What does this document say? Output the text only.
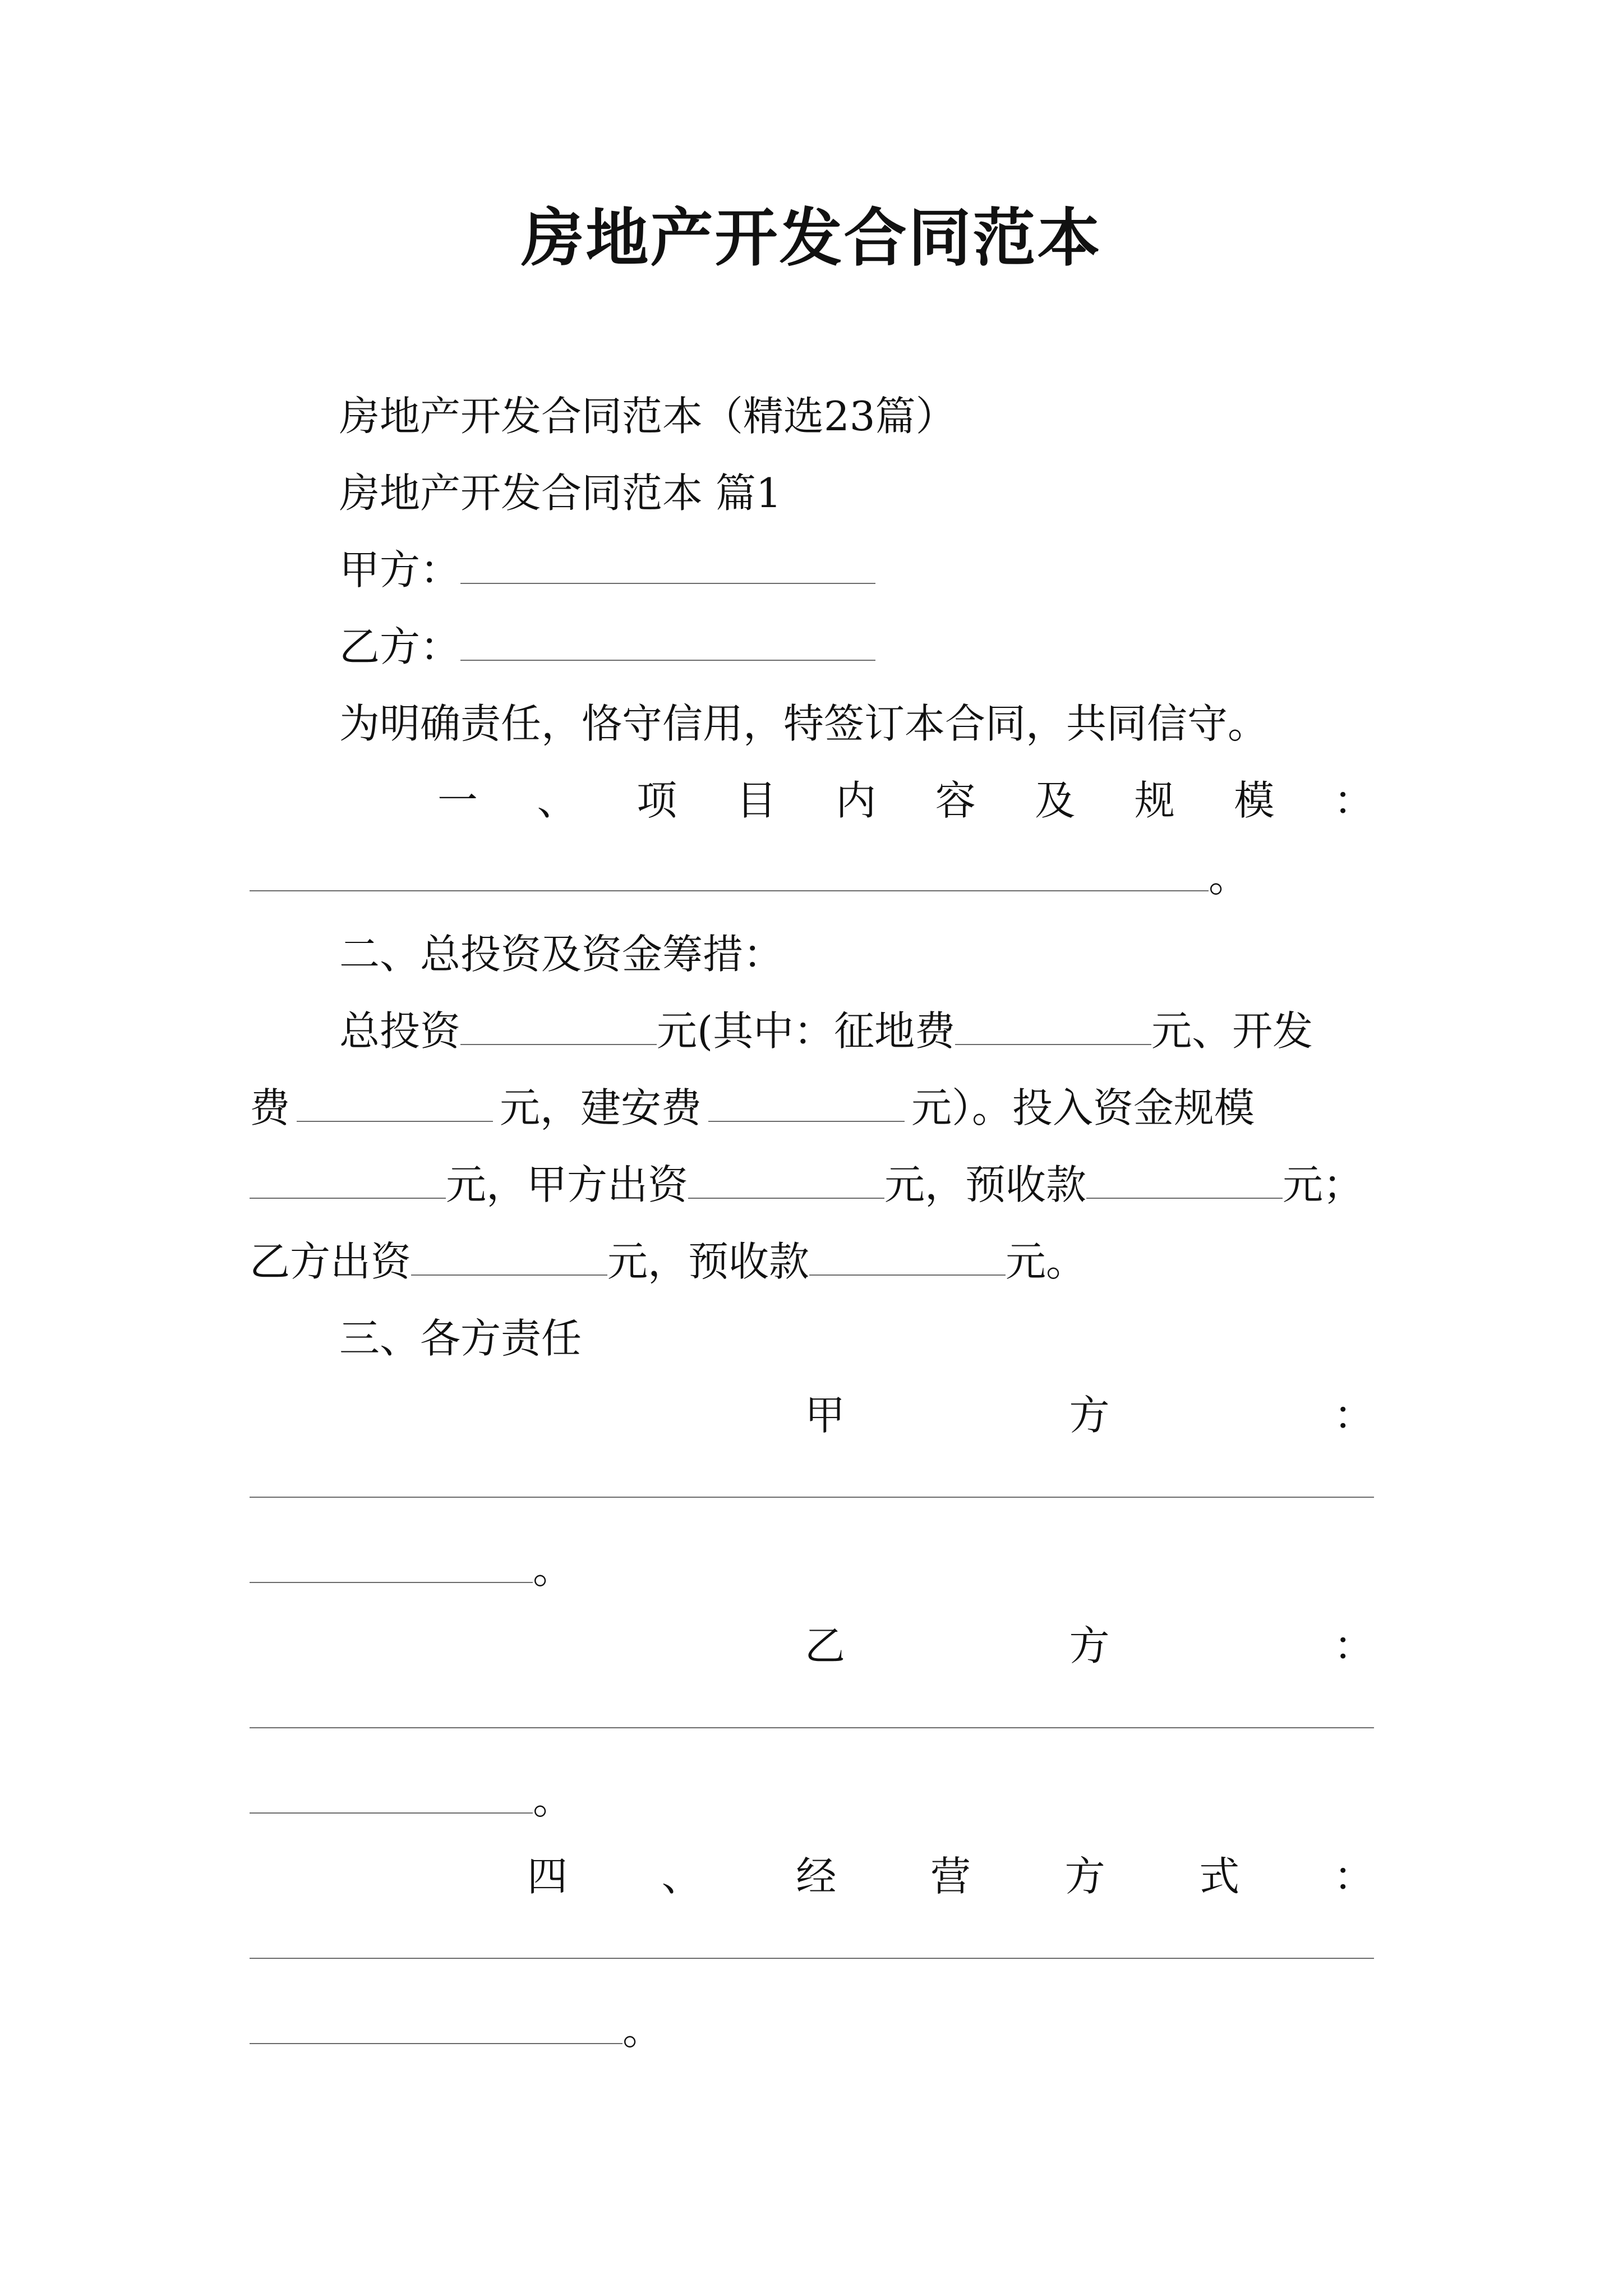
房地产开发合同范本
房地产开发合同范本（精选23篇）
房地产开发合同范本 篇1
甲方：
乙方：
为明确责任，恪守信用，特签订本合同，共同信守。
一 、 项 目 内 容 及 规 模 ：
。
二、总投资及资金筹措：
总投资	元(其中：征地费	元、开发
费	元，建安费	元）。投入资金规模
元，甲方出资	元，预收款	元；
乙方出资	元，预收款	元。
三、各方责任
甲	方	：
。
乙	方	：
。
四 、 经 营 方 式 ：
。
